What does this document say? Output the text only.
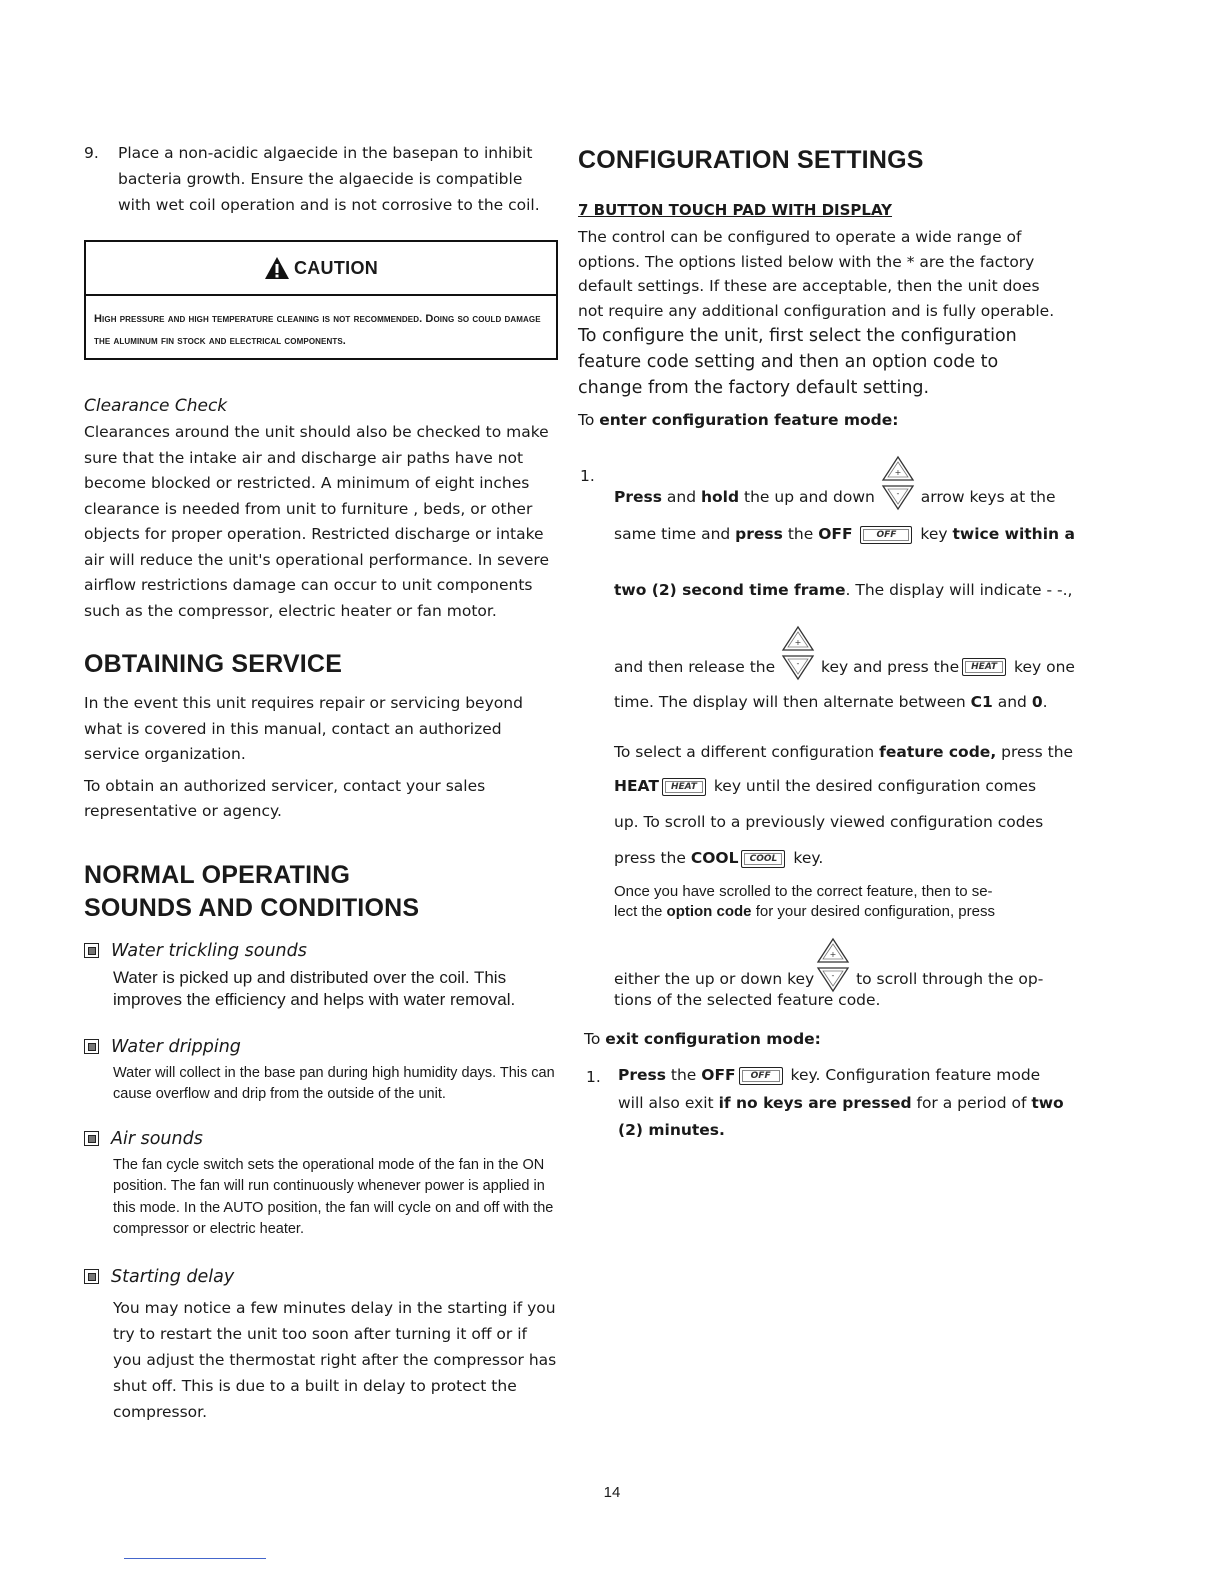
9. Place a non-acidic algaecide in the basepan to inhibit bacteria growth. Ensure the algaecide is compatible with wet coil operation and is not corrosive to the coil.

CAUTION
High pressure and high temperature cleaning is not recommended. Doing so could damage the aluminum fin stock and electrical components.
Clearance Check

Clearances around the unit should also be checked to make sure that the intake air and discharge air paths have not become blocked or restricted. A minimum of eight inches clearance is needed from unit to furniture , beds, or other objects for proper operation. Restricted discharge or intake air will reduce the unit's operational performance. In severe airflow restrictions damage can occur to unit components such as the compressor, electric heater or fan motor.

OBTAINING SERVICE

In the event this unit requires repair or servicing beyond what is covered in this manual, contact an authorized service organization.

To obtain an authorized servicer, contact your sales representative or agency.

NORMAL OPERATING
SOUNDS AND CONDITIONS
Water trickling sounds

Water is picked up and distributed over the coil. This improves the efficiency and helps with water removal.

Water dripping

Water will collect in the base pan during high humidity days. This can cause overflow and drip from the outside of the unit.

Air sounds

The fan cycle switch sets the operational mode of the fan in the ON position. The fan will run continuously whenever power is applied in this mode. In the AUTO position, the fan will cycle on and off with the compressor or electric heater.

Starting delay

You may notice a few minutes delay in the starting if you try to restart the unit too soon after turning it off or if you adjust the thermostat right after the compressor has shut off. This is due to a built in delay to protect the compressor.

CONFIGURATION SETTINGS
7 BUTTON TOUCH PAD WITH DISPLAY

The control can be configured to operate a wide range of options. The options listed below with the * are the factory default settings. If these are acceptable, then the unit does not require any additional configuration and is fully operable. To configure the unit, first select the configuration feature code setting and then an option code to change from the factory default setting.

To enter configuration feature mode:
1.
Press and hold the up and down
+
- arrow keys at the
same time and press the OFF	OFF key twice within a
two (2) second time frame. The display will indicate - -.,
and then release the
+
- key and press the HEAT key one
time. The display will then alternate between C1 and 0.
To select a different configuration feature code, press the
HEAT HEAT key until the desired configuration comes
up. To scroll to a previously viewed configuration codes
press the COOL COOL key.
Once you have scrolled to the correct feature, then to se-
lect the option code for your desired configuration, press
either the up or down key
+
- to scroll through the op-
tions of the selected feature code.
To exit configuration mode:
1. Press the OFF OFF key. Configuration feature mode
will also exit if no keys are pressed for a period of two
(2) minutes.
14
